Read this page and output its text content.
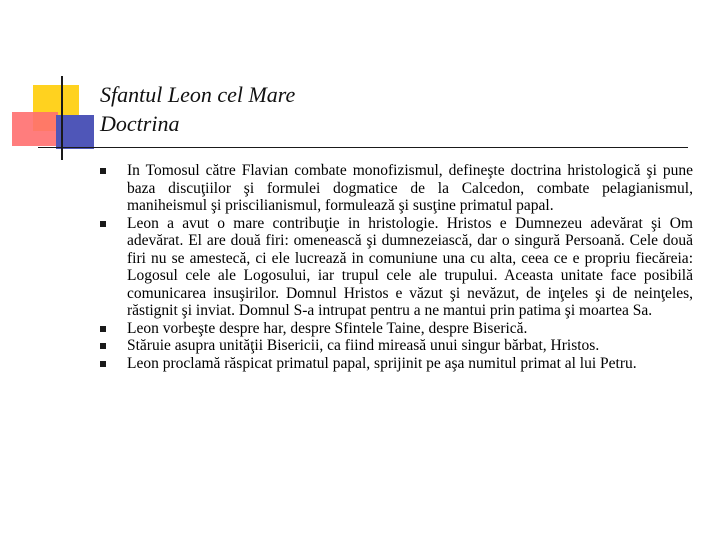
Sfantul Leon cel Mare
Doctrina
In Tomosul către Flavian combate monofizismul, defineşte doctrina hristologică şi pune baza discuţiilor şi formulei dogmatice de la Calcedon, combate pelagianismul, maniheismul şi priscilianismul, formulează şi susţine primatul papal.
Leon a avut o mare contribuţie in hristologie. Hristos e Dumnezeu adevărat şi Om adevărat. El are două firi: omenească şi dumnezeiască, dar o singură Persoană. Cele două firi nu se amestecă, ci ele lucrează in comuniune una cu alta, ceea ce e propriu fiecăreia: Logosul cele ale Logosului, iar trupul cele ale trupului. Aceasta unitate face posibilă comunicarea insuşirilor. Domnul Hristos e văzut şi nevăzut, de inţeles şi de neinţeles, răstignit şi inviat. Domnul S-a intrupat pentru a ne mantui prin patima şi moartea Sa.
Leon vorbeşte despre har, despre Sfintele Taine, despre Biserică.
Stăruie asupra unităţii Bisericii, ca fiind mireasă unui singur bărbat, Hristos.
Leon proclamă răspicat primatul papal, sprijinit pe aşa numitul primat al lui Petru.
